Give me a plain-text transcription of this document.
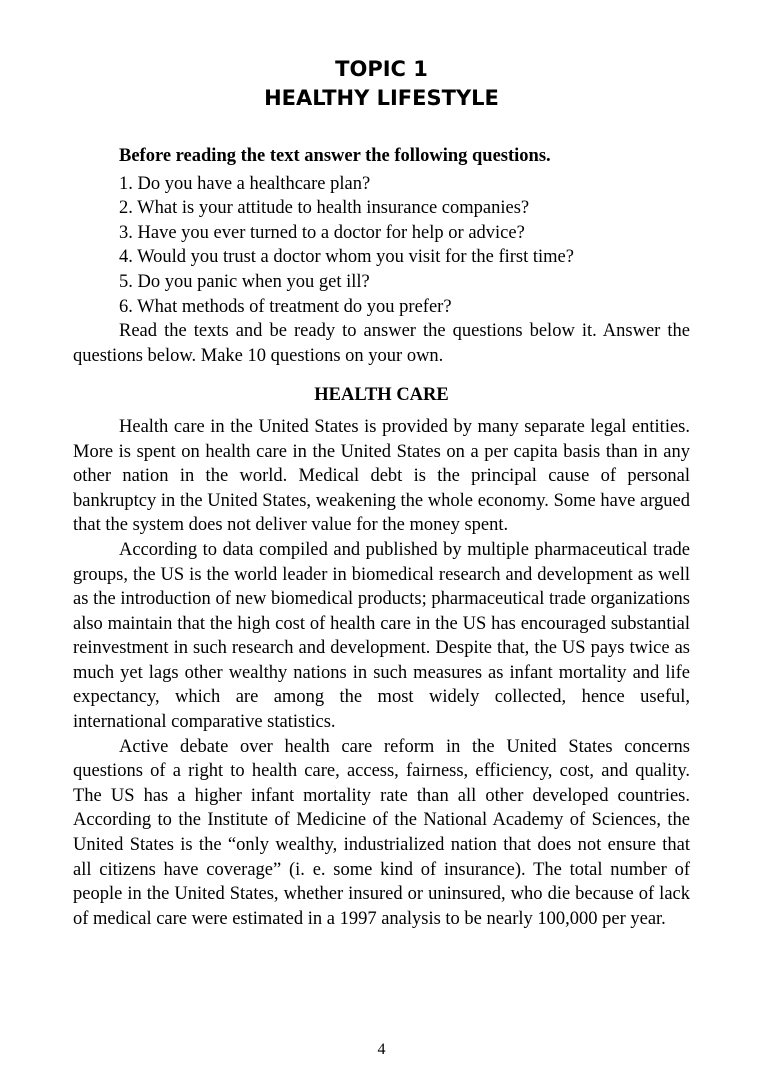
TOPIC 1
HEALTHY LIFESTYLE
Before reading the text answer the following questions.
1. Do you have a healthcare plan?
2. What is your attitude to health insurance companies?
3. Have you ever turned to a doctor for help or advice?
4. Would you trust a doctor whom you visit for the first time?
5. Do you panic when you get ill?
6. What methods of treatment do you prefer?

Read the texts and be ready to answer the questions below it. Answer the questions below. Make 10 questions on your own.

HEALTH CARE

Health care in the United States is provided by many separate legal entities. More is spent on health care in the United States on a per capita basis than in any other nation in the world. Medical debt is the principal cause of personal bankruptcy in the United States, weakening the whole economy. Some have argued that the system does not deliver value for the money spent.

According to data compiled and published by multiple pharmaceutical trade groups, the US is the world leader in biomedical research and development as well as the introduction of new biomedical products; pharmaceutical trade organizations also maintain that the high cost of health care in the US has encouraged substantial reinvestment in such research and development. Despite that, the US pays twice as much yet lags other wealthy nations in such measures as infant mortality and life expectancy, which are among the most widely collected, hence useful, international comparative statistics.

Active debate over health care reform in the United States concerns questions of a right to health care, access, fairness, efficiency, cost, and quality. The US has a higher infant mortality rate than all other developed countries. According to the Institute of Medicine of the National Academy of Sciences, the United States is the “only wealthy, industrialized nation that does not ensure that all citizens have coverage” (i. e. some kind of insurance). The total number of people in the United States, whether insured or uninsured, who die because of lack of medical care were estimated in a 1997 analysis to be nearly 100,000 per year.

4
